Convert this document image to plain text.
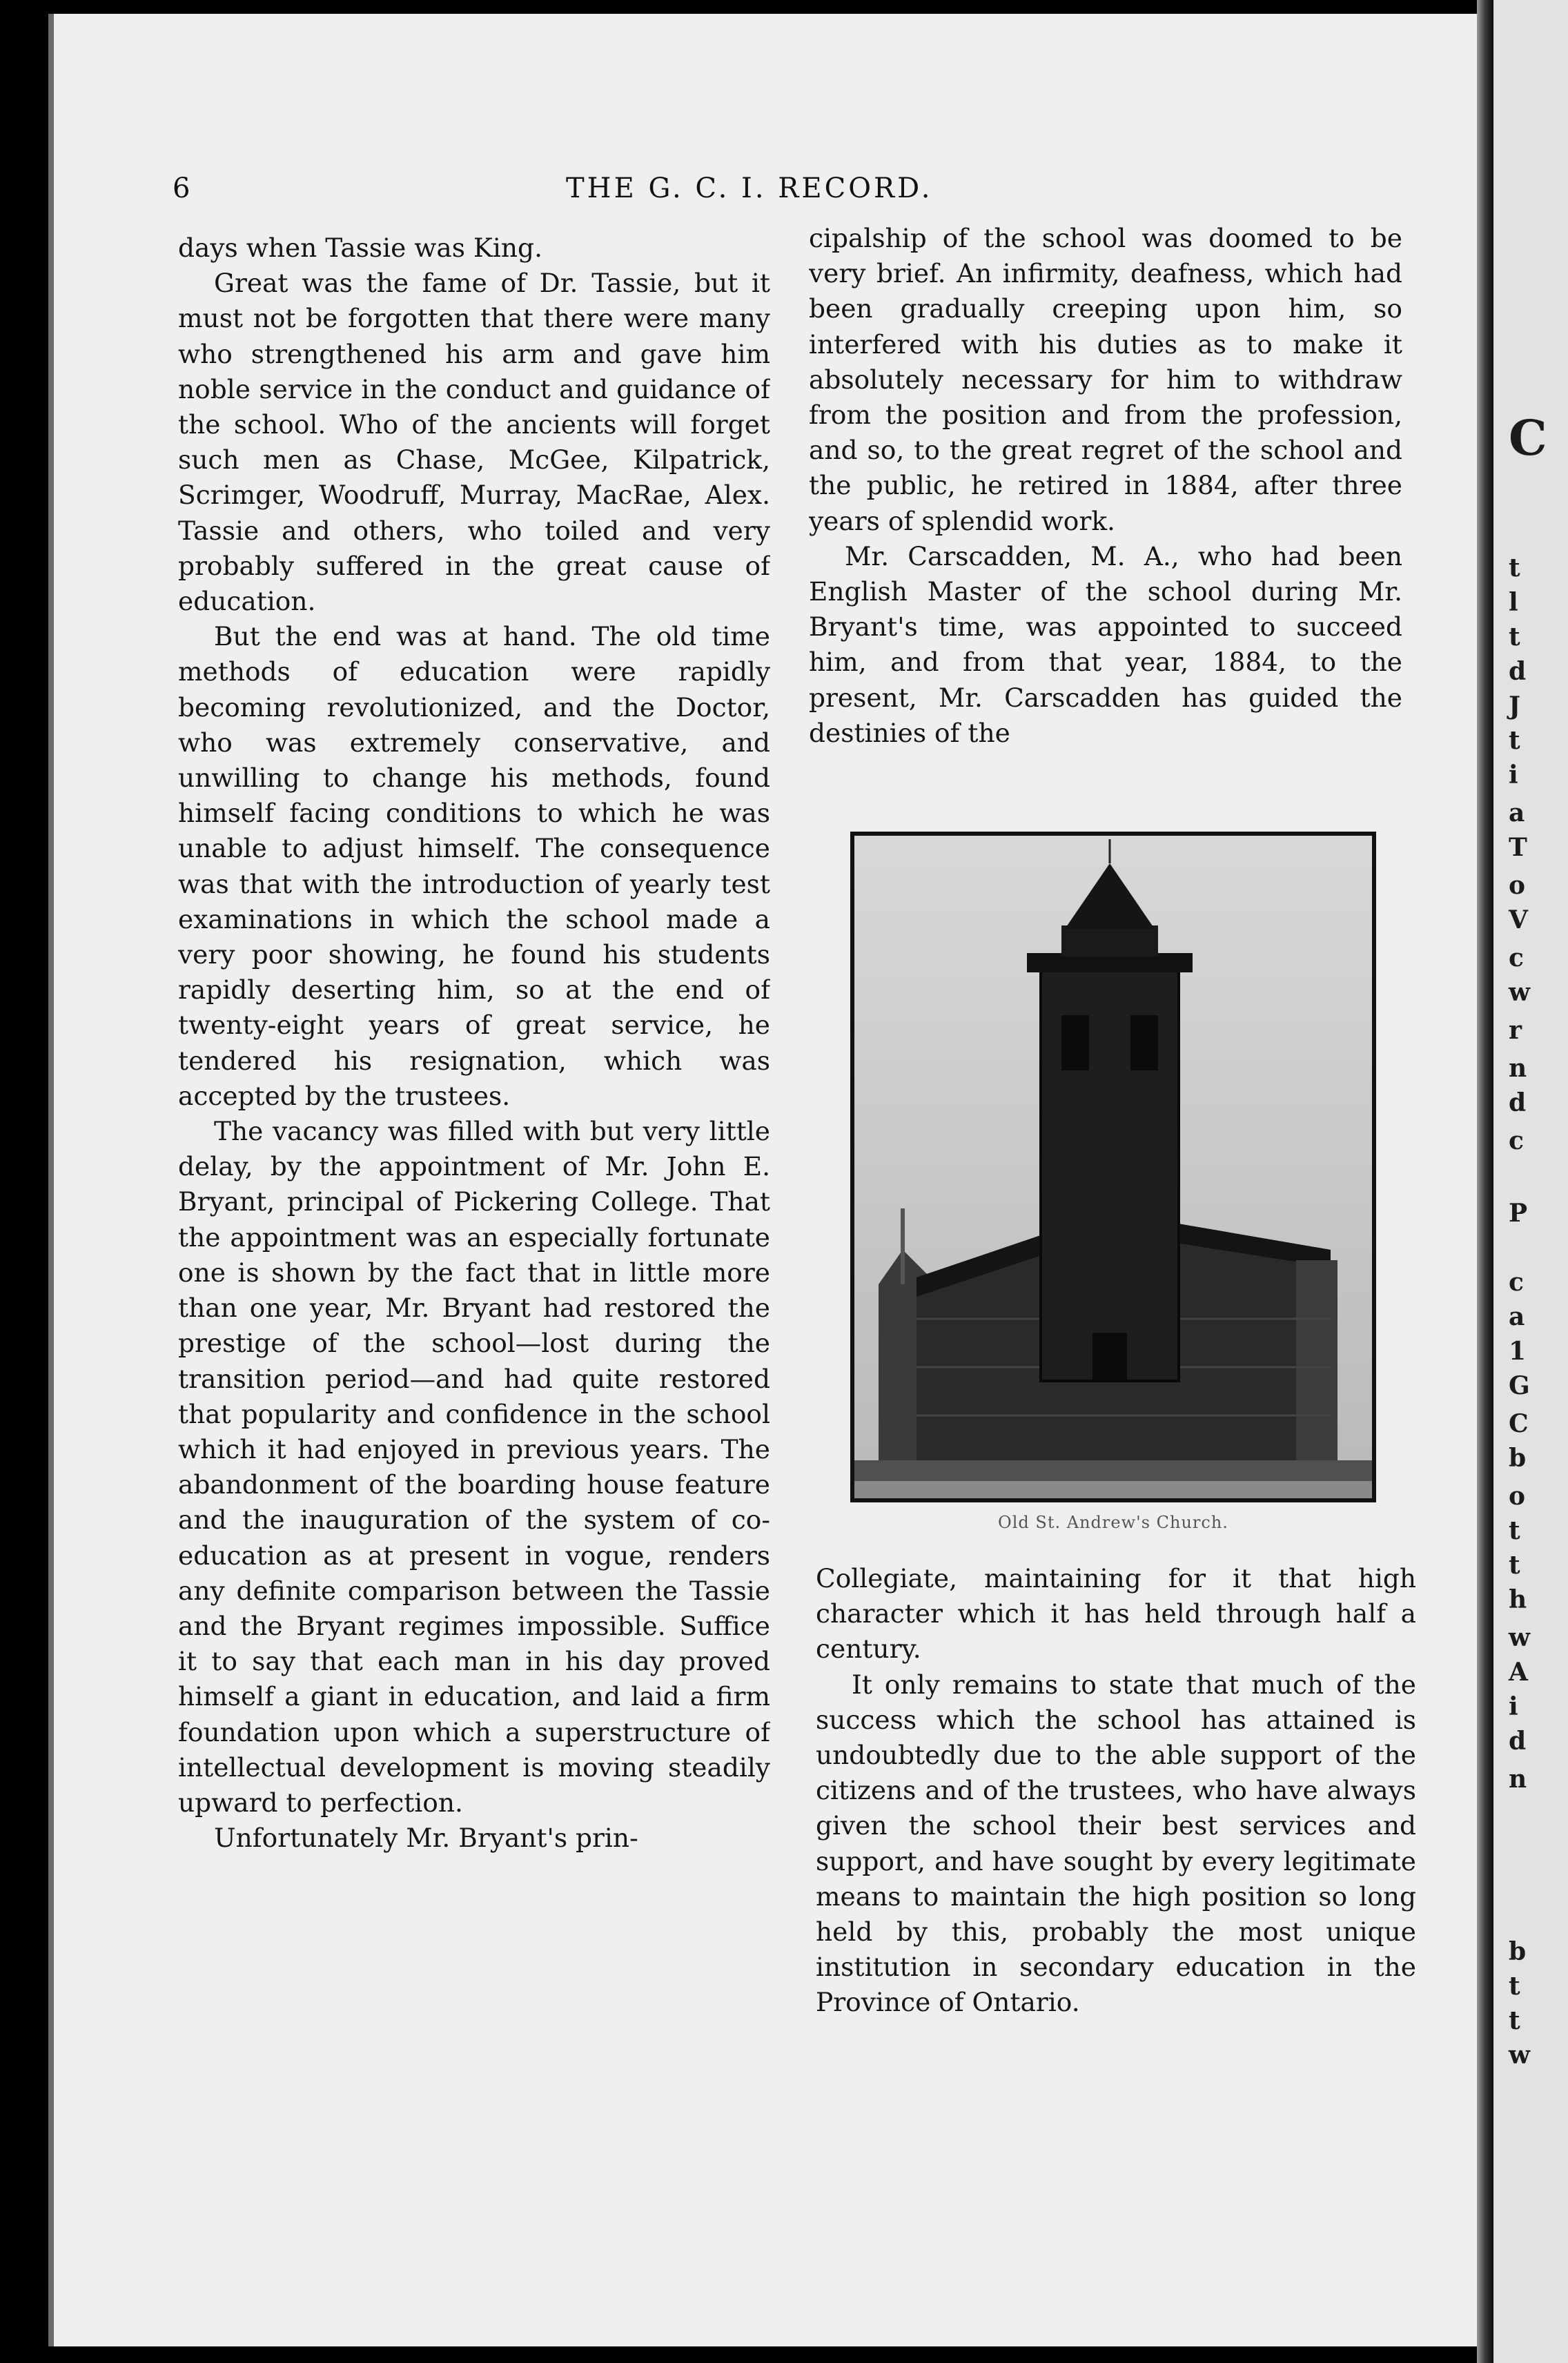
C
t
l
t
d
J
t
i
a
T
o
V
c
w
r
n
d
c
P
c
a
1
G
C
b
o
t
t
h
w
A
i
d
n
b
t
t
w
6	THE G. C. I. RECORD.

days when Tassie was King.

Great was the fame of Dr. Tassie, but it must not be forgotten that there were many who strengthened his arm and gave him noble service in the conduct and guidance of the school. Who of the ancients will forget such men as Chase, McGee, Kilpatrick, Scrimger, Woodruff, Murray, MacRae, Alex. Tassie and others, who toiled and very probably suffered in the great cause of education.

But the end was at hand. The old time methods of education were rapidly becoming revolutionized, and the Doctor, who was extremely conservative, and unwilling to change his methods, found himself facing conditions to which he was unable to adjust himself. The consequence was that with the introduction of yearly test examinations in which the school made a very poor showing, he found his students rapidly deserting him, so at the end of twenty-eight years of great service, he tendered his resignation, which was accepted by the trustees.

The vacancy was filled with but very little delay, by the appointment of Mr. John E. Bryant, principal of Pickering College. That the appointment was an especially fortunate one is shown by the fact that in little more than one year, Mr. Bryant had restored the prestige of the school—lost during the transition period—and had quite restored that popularity and confidence in the school which it had enjoyed in previous years. The abandonment of the boarding house feature and the inauguration of the system of co-education as at present in vogue, renders any definite comparison between the Tassie and the Bryant regimes impossible. Suffice it to say that each man in his day proved himself a giant in education, and laid a firm foundation upon which a superstructure of intellectual development is moving steadily upward to perfection.

Unfortunately Mr. Bryant's prin-

cipalship of the school was doomed to be very brief. An infirmity, deafness, which had been gradually creeping upon him, so interfered with his duties as to make it absolutely necessary for him to withdraw from the position and from the profession, and so, to the great regret of the school and the public, he retired in 1884, after three years of splendid work.

Mr. Carscadden, M. A., who had been English Master of the school during Mr. Bryant's time, was appointed to succeed him, and from that year, 1884, to the present, Mr. Carscadden has guided the destinies of the

Old St. Andrew's Church.

Collegiate, maintaining for it that high character which it has held through half a century.

It only remains to state that much of the success which the school has attained is undoubtedly due to the able support of the citizens and of the trustees, who have always given the school their best services and support, and have sought by every legitimate means to maintain the high position so long held by this, probably the most unique institution in secondary education in the Province of Ontario.
